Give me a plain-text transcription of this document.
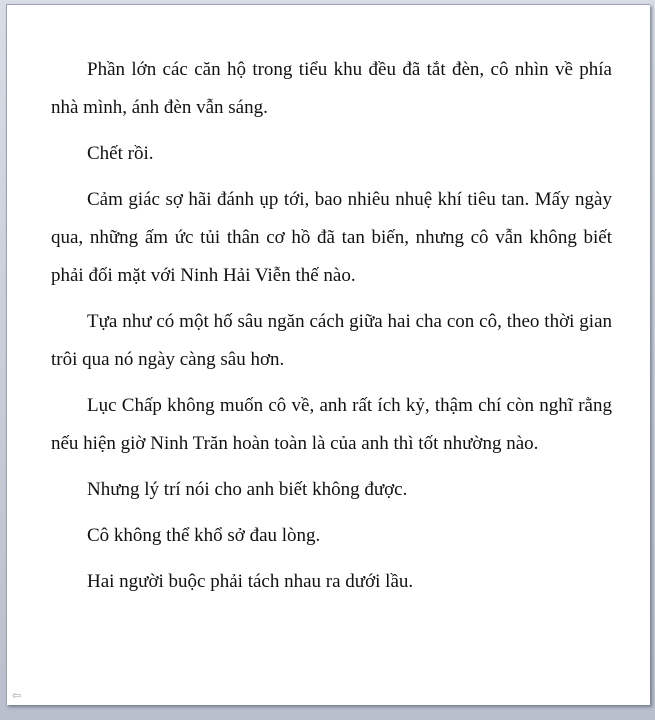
Phần lớn các căn hộ trong tiểu khu đều đã tắt đèn, cô nhìn về phía nhà mình, ánh đèn vẫn sáng.

Chết rồi.

Cảm giác sợ hãi đánh ụp tới, bao nhiêu nhuệ khí tiêu tan. Mấy ngày qua, những ấm ức tủi thân cơ hồ đã tan biến, nhưng cô vẫn không biết phải đối mặt với Ninh Hải Viễn thế nào.

Tựa như có một hố sâu ngăn cách giữa hai cha con cô, theo thời gian trôi qua nó ngày càng sâu hơn.

Lục Chấp không muốn cô về, anh rất ích kỷ, thậm chí còn nghĩ rằng nếu hiện giờ Ninh Trăn hoàn toàn là của anh thì tốt nhường nào.

Nhưng lý trí nói cho anh biết không được.

Cô không thể khổ sở đau lòng.

Hai người buộc phải tách nhau ra dưới lầu.

⇦
